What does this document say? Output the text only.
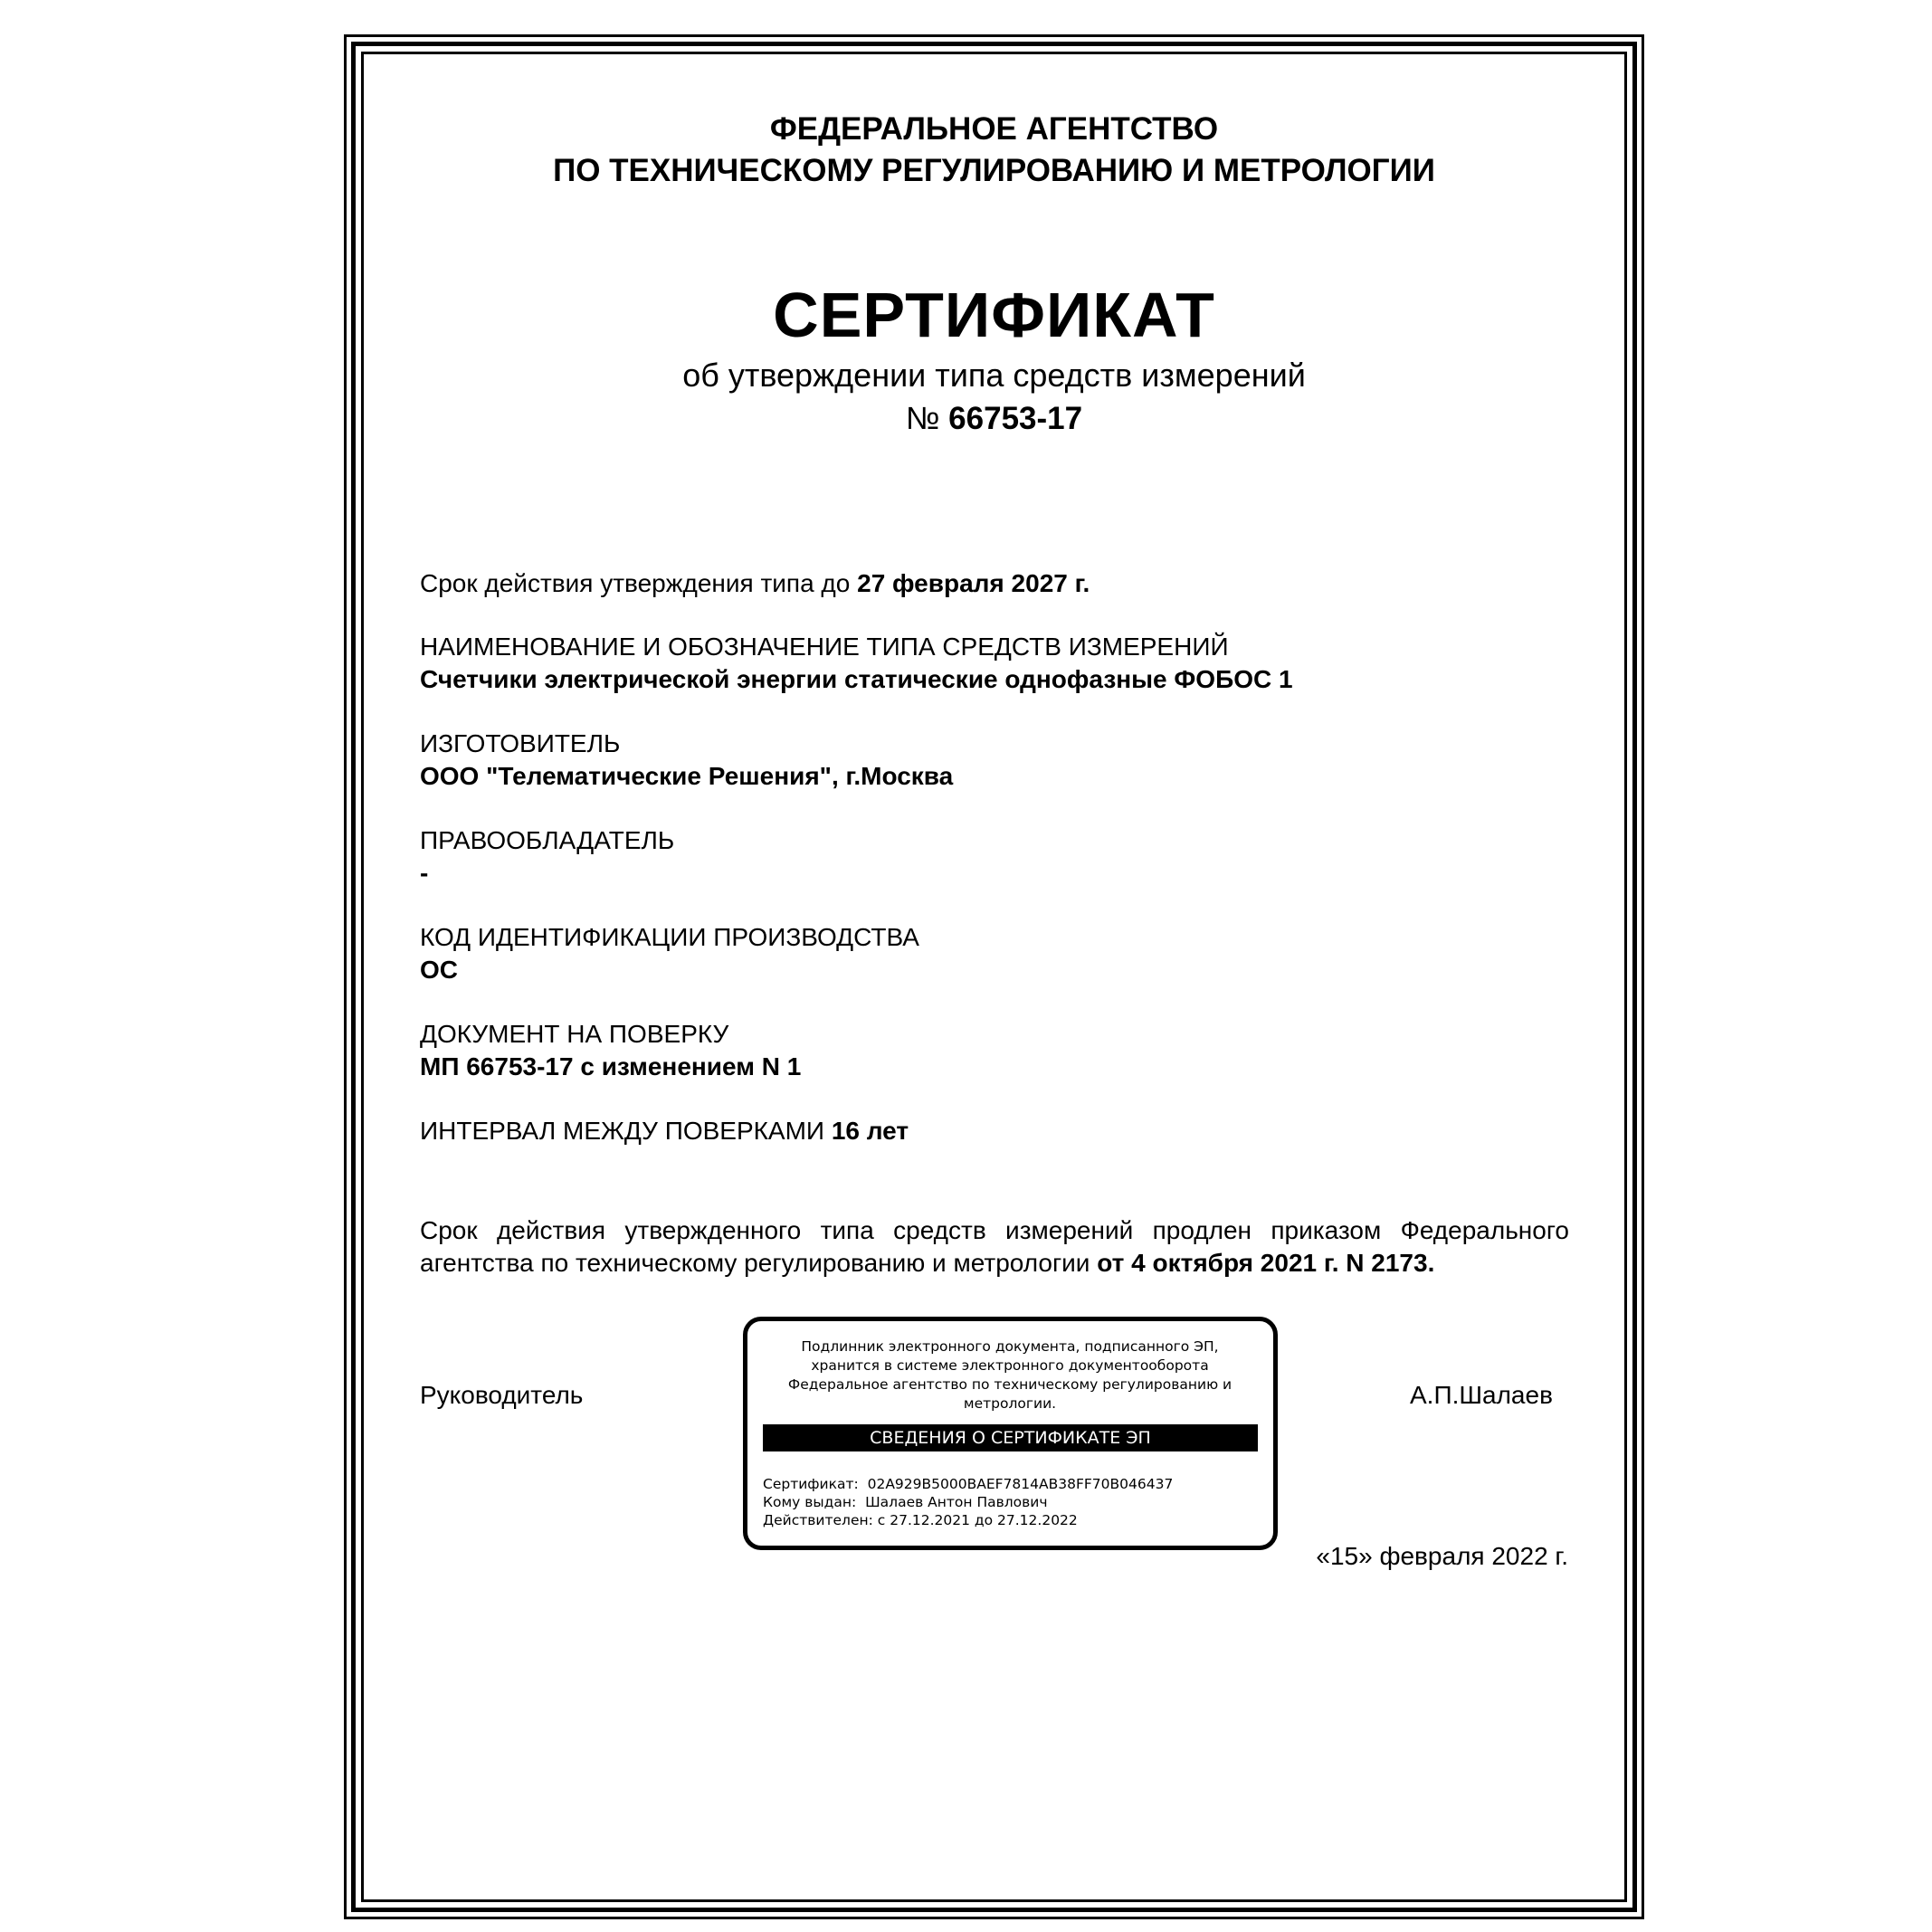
ФЕДЕРАЛЬНОЕ АГЕНТСТВО
ПО ТЕХНИЧЕСКОМУ РЕГУЛИРОВАНИЮ И МЕТРОЛОГИИ
СЕРТИФИКАТ
об утверждении типа средств измерений
№ 66753-17
Срок действия утверждения типа до 27 февраля 2027 г.
НАИМЕНОВАНИЕ И ОБОЗНАЧЕНИЕ ТИПА СРЕДСТВ ИЗМЕРЕНИЙ
Счетчики электрической энергии статические однофазные ФОБОС 1
ИЗГОТОВИТЕЛЬ
ООО "Телематические Решения", г.Москва
ПРАВООБЛАДАТЕЛЬ
-
КОД ИДЕНТИФИКАЦИИ ПРОИЗВОДСТВА
ОС
ДОКУМЕНТ НА ПОВЕРКУ
МП 66753-17 с изменением N 1
ИНТЕРВАЛ МЕЖДУ ПОВЕРКАМИ 16 лет
Срок действия утвержденного типа средств измерений продлен приказом Федерального
агентства по техническому регулированию и метрологии от 4 октября 2021 г. N 2173.
Руководитель
Подлинник электронного документа, подписанного ЭП, хранится в системе электронного документооборота Федеральное агентство по техническому регулированию и метрологии.
СВЕДЕНИЯ О СЕРТИФИКАТЕ ЭП
Сертификат: 02A929B5000BAEF7814AB38FF70B046437
Кому выдан: Шалаев Антон Павлович
Действителен: с 27.12.2021 до 27.12.2022
А.П.Шалаев
«15» февраля 2022 г.
